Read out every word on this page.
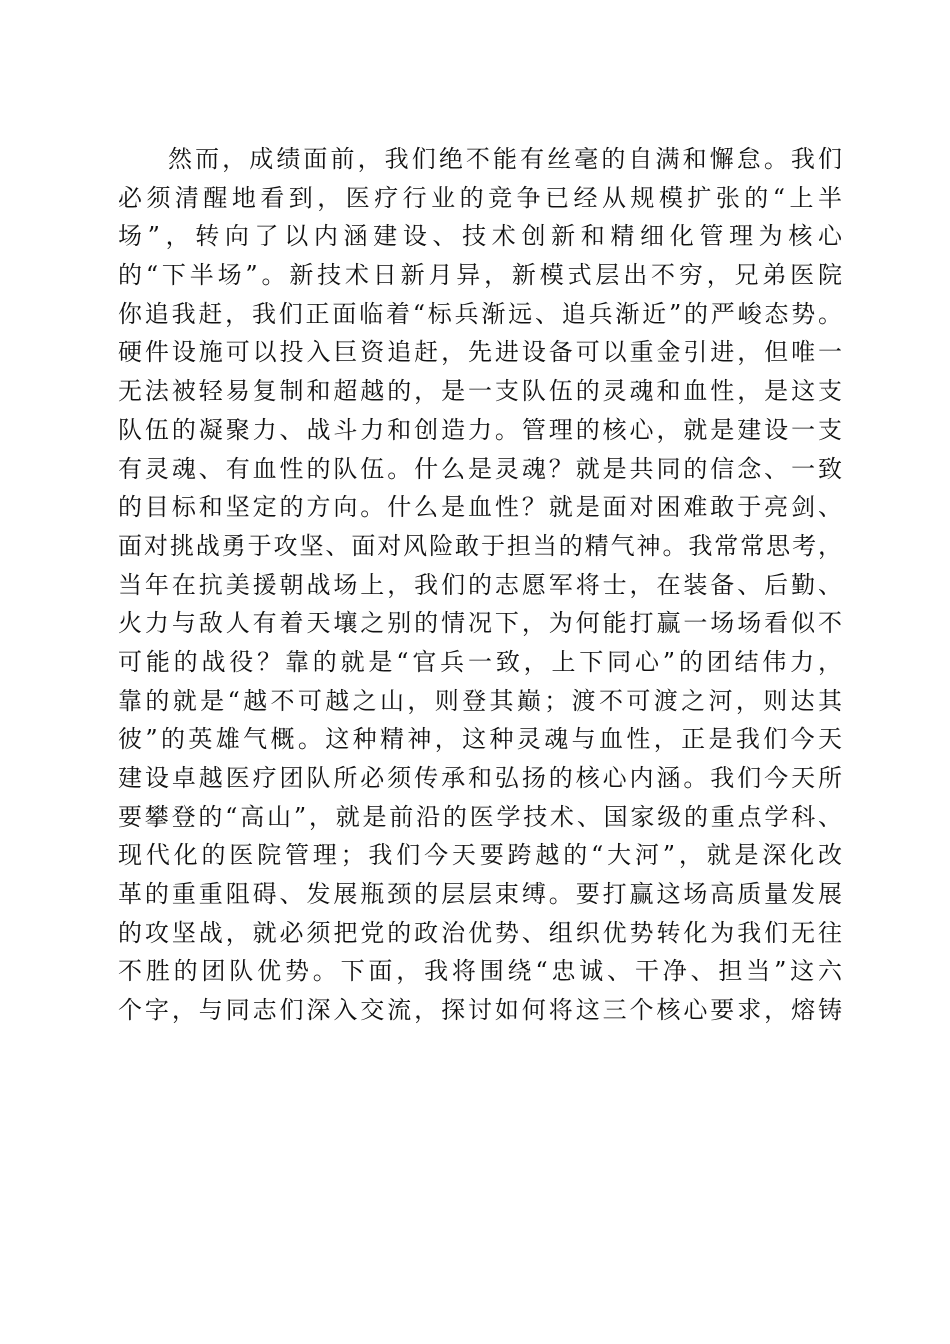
然而，成绩面前，我们绝不能有丝毫的自满和懈怠。我们
必须清醒地看到，医疗行业的竞争已经从规模扩张的“上半
场”，转向了以内涵建设、技术创新和精细化管理为核心
的“下半场”。新技术日新月异，新模式层出不穷，兄弟医院
你追我赶，我们正面临着“标兵渐远、追兵渐近”的严峻态势。
硬件设施可以投入巨资追赶，先进设备可以重金引进，但唯一
无法被轻易复制和超越的，是一支队伍的灵魂和血性，是这支
队伍的凝聚力、战斗力和创造力。管理的核心，就是建设一支
有灵魂、有血性的队伍。什么是灵魂？就是共同的信念、一致
的目标和坚定的方向。什么是血性？就是面对困难敢于亮剑、
面对挑战勇于攻坚、面对风险敢于担当的精气神。我常常思考，
当年在抗美援朝战场上，我们的志愿军将士，在装备、后勤、
火力与敌人有着天壤之别的情况下，为何能打赢一场场看似不
可能的战役？靠的就是“官兵一致，上下同心”的团结伟力，
靠的就是“越不可越之山，则登其巅；渡不可渡之河，则达其
彼”的英雄气概。这种精神，这种灵魂与血性，正是我们今天
建设卓越医疗团队所必须传承和弘扬的核心内涵。我们今天所
要攀登的“高山”，就是前沿的医学技术、国家级的重点学科、
现代化的医院管理；我们今天要跨越的“大河”，就是深化改
革的重重阻碍、发展瓶颈的层层束缚。要打赢这场高质量发展
的攻坚战，就必须把党的政治优势、组织优势转化为我们无往
不胜的团队优势。下面，我将围绕“忠诚、干净、担当”这六
个字，与同志们深入交流，探讨如何将这三个核心要求，熔铸
